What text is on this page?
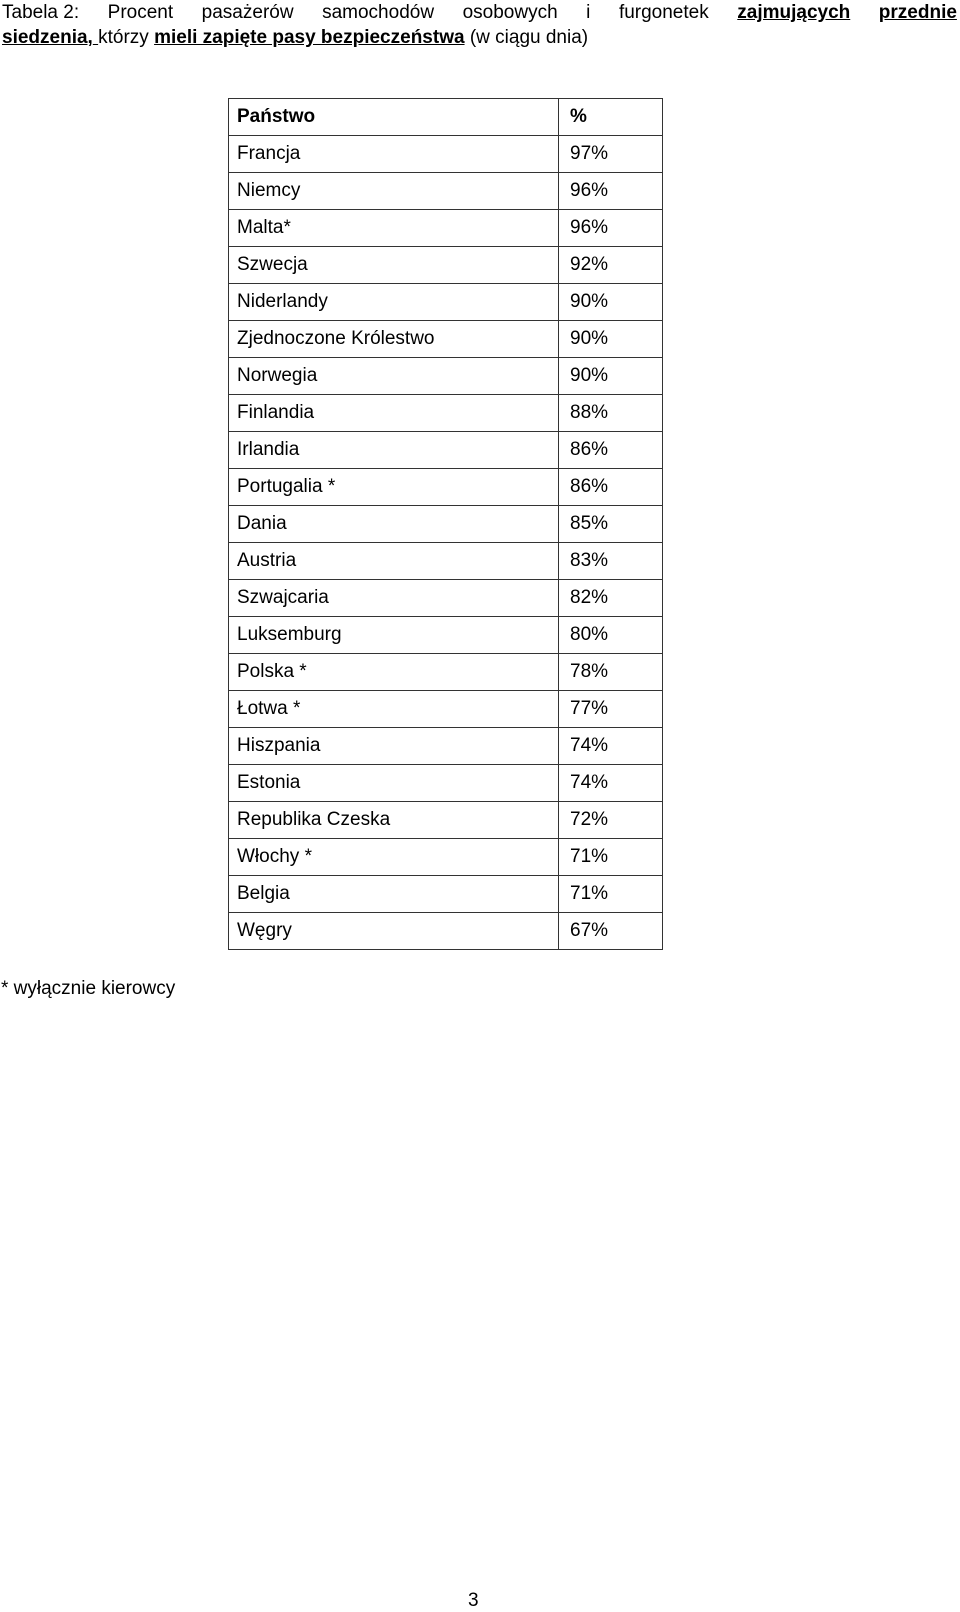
Tabela 2: Procent pasażerów samochodów osobowych i furgonetek zajmujących przednie
siedzenia, którzy mieli zapięte pasy bezpieczeństwa (w ciągu dnia)
Państwo	%
Francja	97%
Niemcy	96%
Malta*	96%
Szwecja	92%
Niderlandy	90%
Zjednoczone Królestwo	90%
Norwegia	90%
Finlandia	88%
Irlandia	86%
Portugalia *	86%
Dania	85%
Austria	83%
Szwajcaria	82%
Luksemburg	80%
Polska *	78%
Łotwa *	77%
Hiszpania	74%
Estonia	74%
Republika Czeska	72%
Włochy *	71%
Belgia	71%
Węgry	67%
* wyłącznie kierowcy
3
